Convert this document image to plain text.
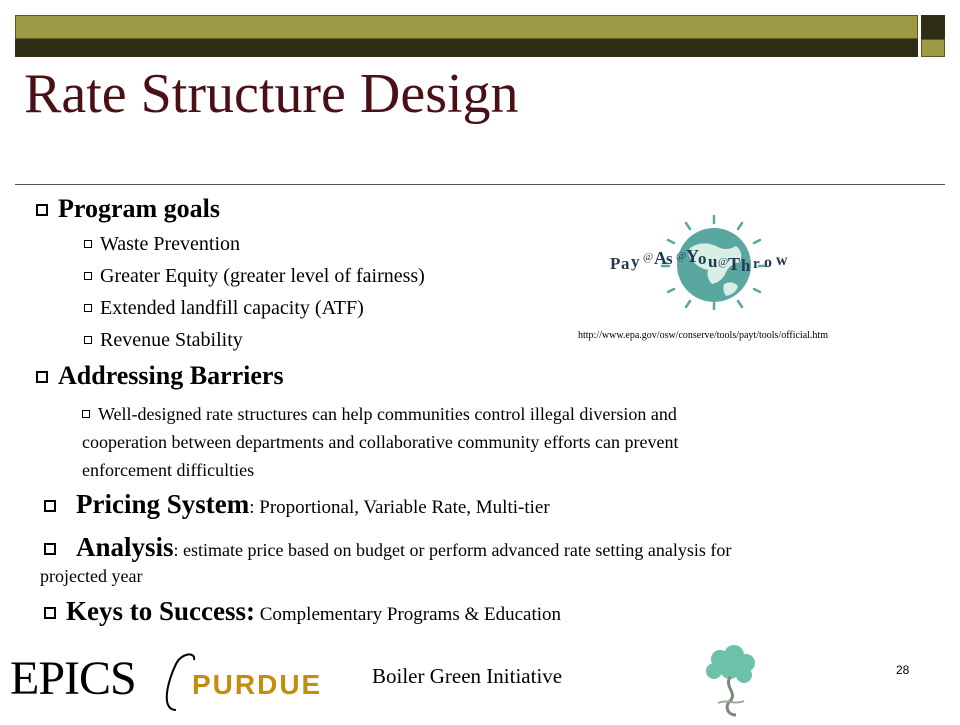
Rate Structure Design
Program goals
Waste Prevention
Greater Equity (greater level of fairness)
Extended landfill capacity (ATF)
Revenue Stability
Addressing Barriers
Well-designed rate structures can help communities control illegal diversion and cooperation between departments and collaborative community efforts can prevent enforcement difficulties
Pricing System: Proportional, Variable Rate, Multi-tier
Analysis: estimate price based on budget or perform advanced rate setting analysis for
projected year
Keys to Success: Complementary Programs & Education
P a y @ A s @ Y o u @ T h r o w
http://www.epa.gov/osw/conserve/tools/payt/tools/official.htm
EPICS PURDUE Boiler Green Initiative	28
